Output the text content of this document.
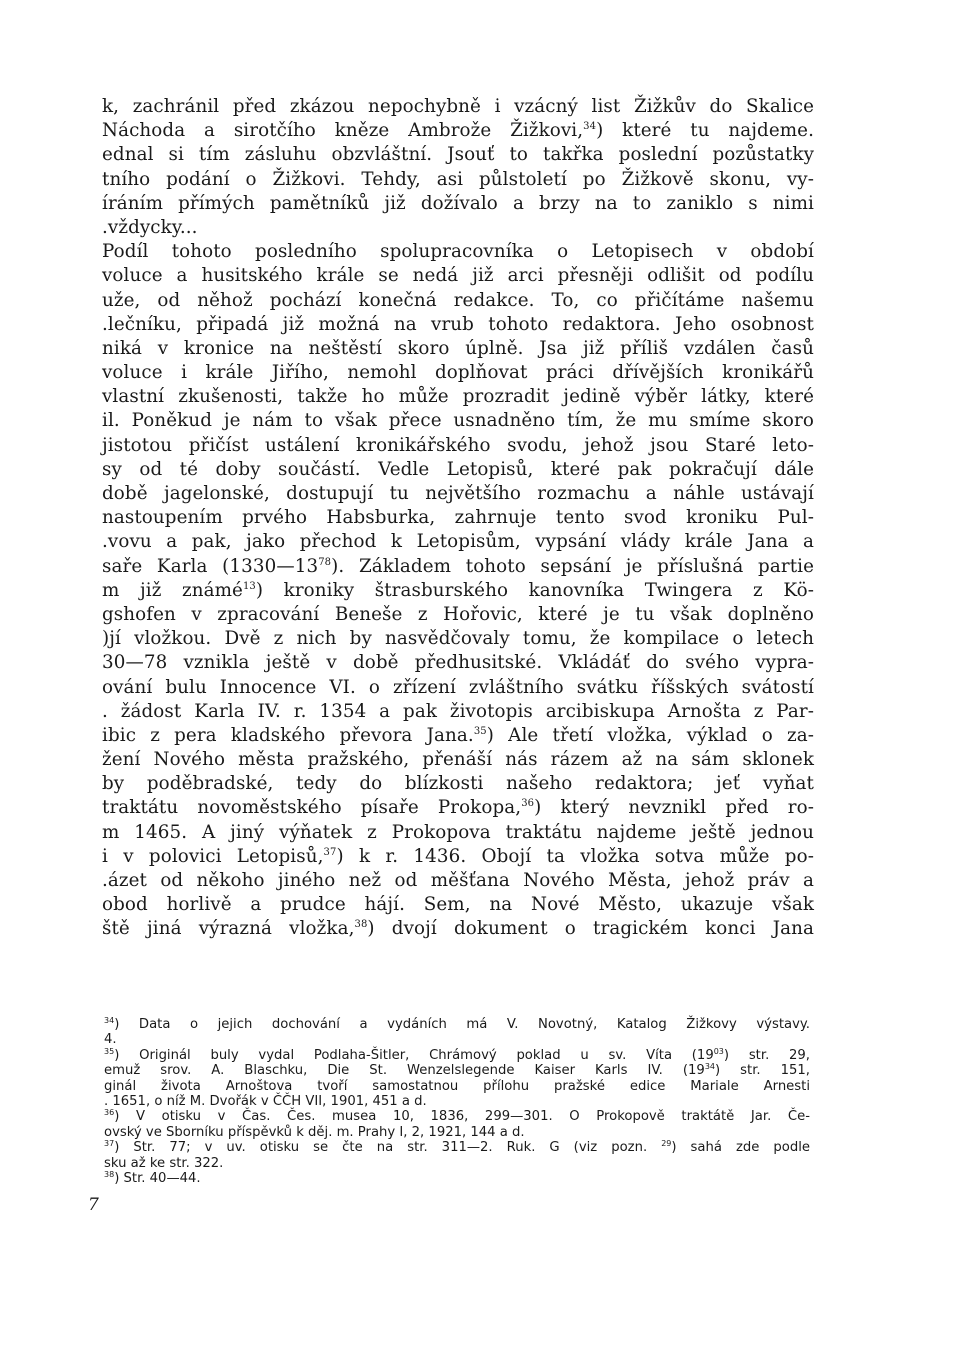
k, zachránil před zkázou nepochybně i vzácný list Žižkův do Skalice
Náchoda a sirotčího kněze Ambrože Žižkovi,$^{34}$) které tu najdeme.
ednal si tím zásluhu obzvláštní. Jsouť to takřka poslední pozůstatky
tního podání o Žižkovi. Tehdy, asi půlstoletí po Žižkově skonu, vy-
íráním přímých pamětníků již dožívalo a brzy na to zaniklo s nimi
.vždycky...
Podíl tohoto posledního spolupracovníka o Letopisech v období
voluce a husitského krále se nedá již arci přesněji odlišit od podílu
uže, od něhož pochází konečná redakce. To, co přičítáme našemu
.lečníku, připadá již možná na vrub tohoto redaktora. Jeho osobnost
niká v kronice na neštěstí skoro úplně. Jsa již příliš vzdálen časů
voluce i krále Jiřího, nemohl doplňovat práci dřívějších kronikářů
vlastní zkušenosti, takže ho může prozradit jedině výběr látky, které
il. Poněkud je nám to však přece usnadněno tím, že mu smíme skoro
jistotou přičíst ustálení kronikářského svodu, jehož jsou Staré leto-
sy od té doby součástí. Vedle Letopisů, které pak pokračují dále
době jagelonské, dostupují tu největšího rozmachu a náhle ustávají
nastoupením prvého Habsburka, zahrnuje tento svod kroniku Pul-
.vovu a pak, jako přechod k Letopisům, vypsání vlády krále Jana a
saře Karla $(1330—13^{78})$. Základem tohoto sepsání je příslušná partie
m již známé$^{13}$) kroniky štrasburského kanovníka Twingera z Kö-
gshofen v zpracování Beneše z Hořovic, které je tu však doplněno
)jí vložkou. Dvě z nich by nasvědčovaly tomu, že kompilace o letech
30—78 vznikla ještě v době předhusitské. Vkládáť do svého vypra-
ování bulu Innocence VI. o zřízení zvláštního svátku říšských svátostí
. žádost Karla IV. r. 1354 a pak životopis arcibiskupa Arnošta z Par-
ibic z pera kladského převora Jana.$^{35}$) Ale třetí vložka, výklad o za-
žení Nového města pražského, přenáší nás rázem až na sám sklonek
by poděbradské, tedy do blízkosti našeho redaktora; jeť vyňat
traktátu novoměstského písaře Prokopa,$^{36}$) který nevznikl před ro-
m 1465. A jiný výňatek z Prokopova traktátu najdeme ještě jednou
i v polovici Letopisů,$^{37}$) k r. 1436. Obojí ta vložka sotva může po-
.ázet od někoho jiného než od měšťana Nového Města, jehož práv a
obod horlivě a prudce hájí. Sem, na Nové Město, ukazuje však
ště jiná výrazná vložka,$^{38}$) dvojí dokument o tragickém konci Jana
$^{34}$) Data o jejich dochování a vydáních má V. Novotný, Katalog Žižkovy výstavy.
4.
$^{35}$) Originál buly vydal Podlaha-Šitler, Chrámový poklad u sv. Víta $(19^{03})$ str. 29,
emuž srov. A. Blaschku, Die St. Wenzelslegende Kaiser Karls IV. $(19^{34})$ str. 151,
ginál života Arnoštova tvoří samostatnou přílohu pražské edice Mariale Arnesti
. 1651, o níž M. Dvořák v ČČH VII, 1901, 451 a d.
$^{36}$) V otisku v Čas. Čes. musea 10, 1836, 299—301. O Prokopově traktátě Jar. Če-
ovský ve Sborníku příspěvků k děj. m. Prahy I, 2, 1921, 144 a d.
$^{37}$) Str. 77; v uv. otisku se čte na str. 311—2. Ruk. G (viz pozn. $^{29}$) sahá zde podle
sku až ke str. 322.
$^{38}$) Str. 40—44.
7
